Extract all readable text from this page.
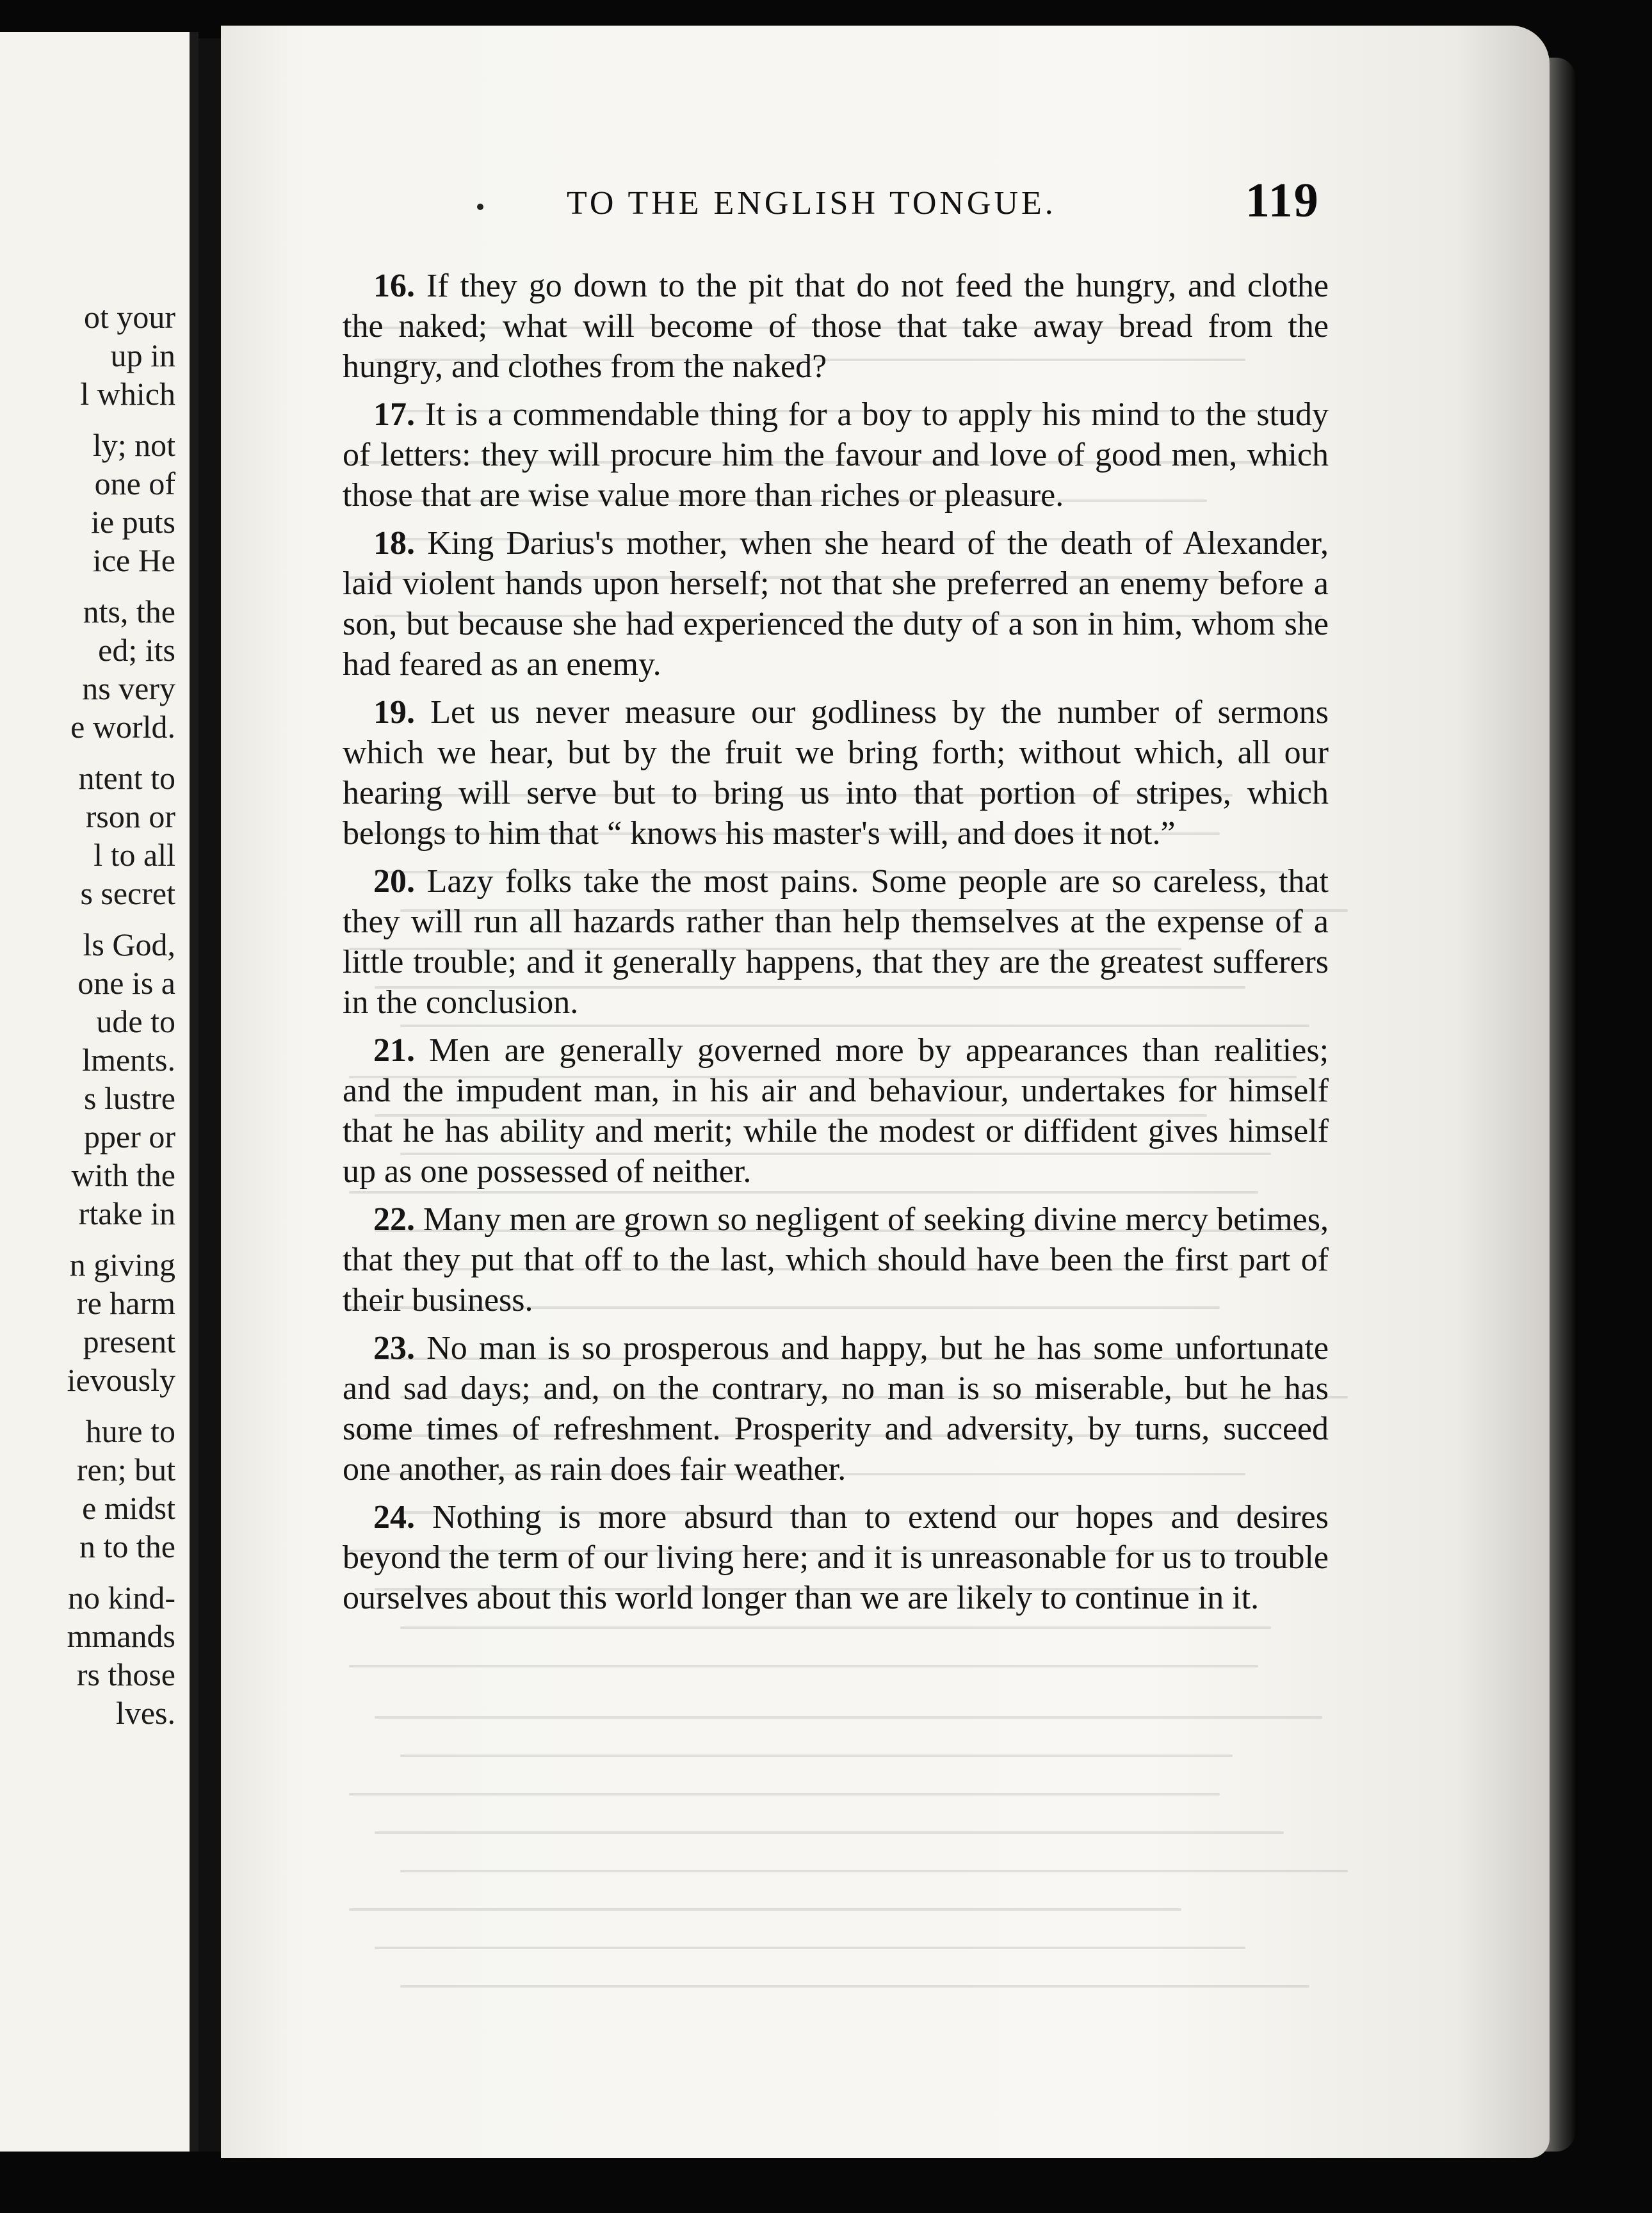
ot your
up in
l which
ly; not
one of
ie puts
ice He
nts, the
ed; its
ns very
e world.
ntent to
rson or
l to all
s secret
ls God,
one is a
ude to
lments.
s lustre
pper or
with the
rtake in
n giving
re harm
present
ievously
hure to
ren; but
e midst
n to the
no kind-
mmands
rs those
lves.
TO THE ENGLISH TONGUE.	119

16. If they go down to the pit that do not feed the hungry, and clothe the naked; what will become of those that take away bread from the hungry, and clothes from the naked?

17. It is a commendable thing for a boy to apply his mind to the study of letters: they will procure him the favour and love of good men, which those that are wise value more than riches or pleasure.

18. King Darius's mother, when she heard of the death of Alexander, laid violent hands upon herself; not that she preferred an enemy before a son, but because she had experienced the duty of a son in him, whom she had feared as an enemy.

19. Let us never measure our godliness by the number of sermons which we hear, but by the fruit we bring forth; without which, all our hearing will serve but to bring us into that portion of stripes, which belongs to him that “ knows his master's will, and does it not.”

20. Lazy folks take the most pains. Some people are so careless, that they will run all hazards rather than help themselves at the expense of a little trouble; and it generally happens, that they are the greatest sufferers in the conclusion.

21. Men are generally governed more by appearances than realities; and the impudent man, in his air and behaviour, undertakes for himself that he has ability and merit; while the modest or diffident gives himself up as one possessed of neither.

22. Many men are grown so negligent of seeking divine mercy betimes, that they put that off to the last, which should have been the first part of their business.

23. No man is so prosperous and happy, but he has some unfortunate and sad days; and, on the contrary, no man is so miserable, but he has some times of refreshment. Prosperity and adversity, by turns, succeed one another, as rain does fair weather.

24. Nothing is more absurd than to extend our hopes and desires beyond the term of our living here; and it is unreasonable for us to trouble ourselves about this world longer than we are likely to continue in it.
